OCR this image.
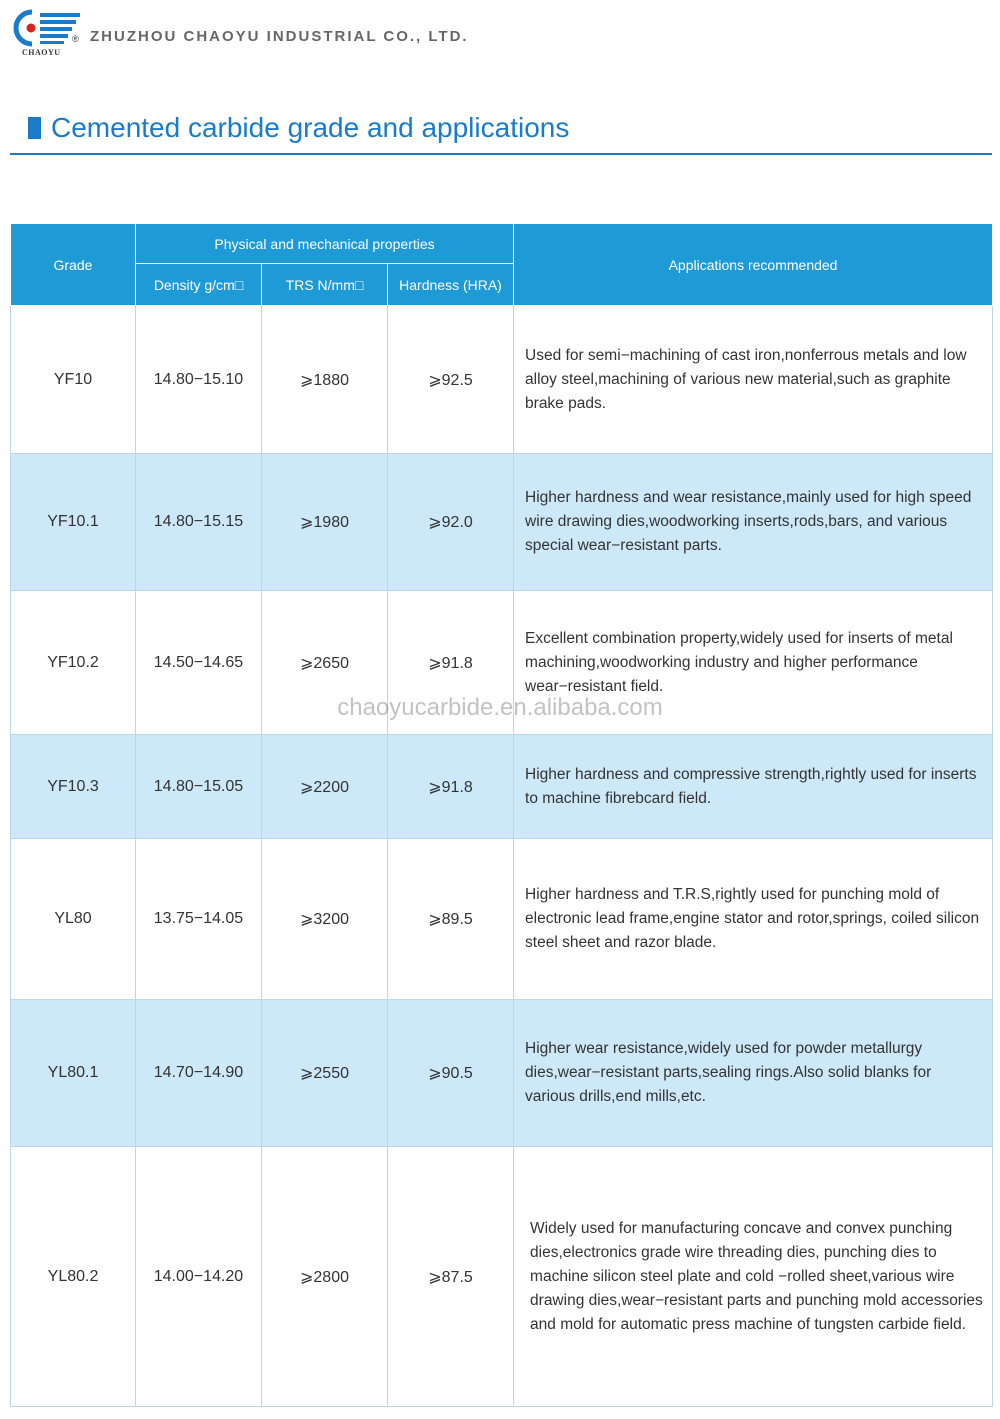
®
CHAOYU
ZHUZHOU CHAOYU INDUSTRIAL CO., LTD.
Cemented carbide grade and applications
Grade	Physical and mechanical properties			Applications recommended
	Density g/cm□	TRS N/mm□	Hardness (HRA)	
YF10	14.80−15.10	⩾1880	⩾92.5	Used for semi−machining of cast iron,nonferrous metals and low alloy steel,machining of various new material,such as graphite brake pads.
YF10.1	14.80−15.15	⩾1980	⩾92.0	Higher hardness and wear resistance,mainly used for high speed wire drawing dies,woodworking inserts,rods,bars, and various special wear−resistant parts.
YF10.2	14.50−14.65	⩾2650	⩾91.8	Excellent combination property,widely used for inserts of metal machining,woodworking industry and higher performance wear−resistant field.
YF10.3	14.80−15.05	⩾2200	⩾91.8	Higher hardness and compressive strength,rightly used for inserts to machine fibrebcard field.
YL80	13.75−14.05	⩾3200	⩾89.5	Higher hardness and T.R.S,rightly used for punching mold of electronic lead frame,engine stator and rotor,springs, coiled silicon steel sheet and razor blade.
YL80.1	14.70−14.90	⩾2550	⩾90.5	Higher wear resistance,widely used for powder metallurgy dies,wear−resistant parts,sealing rings.Also solid blanks for various drills,end mills,etc.
YL80.2	14.00−14.20	⩾2800	⩾87.5	Widely used for manufacturing concave and convex punching dies,electronics grade wire threading dies, punching dies to machine silicon steel plate and cold −rolled sheet,various wire drawing dies,wear−resistant parts and punching mold accessories and mold for automatic press machine of tungsten carbide field.
chaoyucarbide.en.alibaba.com
